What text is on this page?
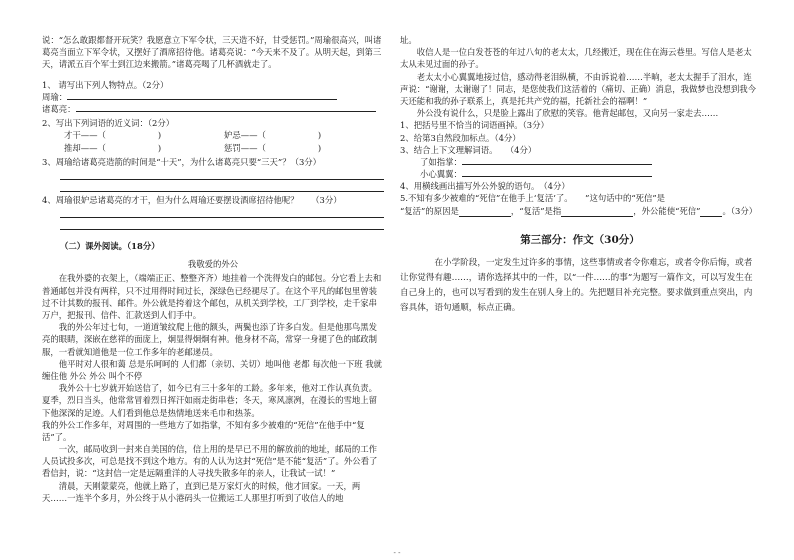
说：“怎么敢跟都督开玩笑？我愿意立下军令状，三天造不好，甘受惩罚。”周瑜很高兴，叫诸葛亮当面立下军令状，又摆好了酒席招待他。诸葛亮说：“今天来不及了。从明天起，到第三天，请派五百个军士到江边来搬箭。”诸葛亮喝了几杯酒就走了。

1、 请写出下列人物特点。（2分）

周瑜：
诸葛亮：

2、写出下列词语的近义词：（2分）

才干——（	)	妒忌——（	)
推却——（	)	惩罚——（	)

3、周瑜给诸葛亮造箭的时间是“十天”，为什么诸葛亮只要“三天”？（3分）

4、周瑜很妒忌诸葛亮的才干，但为什么周瑜还要摆设酒席招待他呢？　　（3分）

（二）课外阅读。（18分）

我敬爱的外公

在我外婆的衣架上，（端端正正、整整齐齐）地挂着一个洗得发白的邮包。分它看上去和普通邮包并没有两样，只不过用得时间过长，深绿色已经褪尽了。在这个平凡的邮包里曾装过不计其数的报刊、邮件。外公就是挎着这个邮包，从机关到学校，工厂到学校，走千家串万户，把报刊、信件、汇款送到人们手中。

我的外公年过七旬，一道道皱纹爬上他的额头，两鬓也添了许多白发。但是他那鸟黑发亮的眼睛，深嵌在慈祥的面庞上，炯显得炯炯有神。他身材不高，常穿一身褪了色的邮政制服，一看就知道他是一位工作多年的老邮递员。

他平时对人很和蔼 总是乐呵呵的 人们都（亲切、关切）地叫他 老都 每次他一下班 我就缠住他 外公 外公 叫个不停

我外公十七岁就开始送信了，如今已有三十多年的工龄。多年来，他对工作认真负责。夏季，烈日当头，他常常冒着烈日挥汗如雨走街串巷；冬天，寒风凛冽，在漫长的雪地上留下他深深的足迹。人们看到他总是热情地送来毛巾和热茶。

我的外公工作多年，对周围的一些地方了如指掌，不知有多少被难的“死信”在他手中“复活”了。

一次，邮局收到一封来自美国的信，信上用的是早已不用的解放前的地址，邮局的工作人员试投多次，可总是找不到这个地方。有的人认为这封“死信”是不能“复活”了。外公看了看信封，说：“这封信一定是远隔重洋的人寻找失散多年的亲人，让我试一试！”

清晨，天刚蒙蒙亮，他就上路了，直到已是万家灯火的时候，他才回家。一天，两天……一连半个多月，外公终于从小港码头一位搬运工人那里打听到了收信人的地

址。

收信人是一位白发苍苍的年过八旬的老太太，几经搬迁，现在住在海云巷里。写信人是老太太从未见过面的孙子。

老太太小心翼翼地接过信，感动得老泪纵横，不由诉说着……半晌，老太太握手了泪水，连声说：“谢谢，太谢谢了！同志，是您使我们这活着的（痛切、正确）消息，我做梦也没想到我今天还能和我的孙子联系上，真是托共产党的福，托新社会的福啊！”

外公没有说什么，只是脸上露出了欣慰的笑容。他背起邮包，又向另一家走去……

1、把括号里不恰当的词语画掉。（3分）

2、给第3自然段加标点。（4分）

3、结合上下文理解词语。　　（4分）

了如指掌：
小心翼翼：

4、用横线画出描写外公外貌的语句。　（4分）

5.不知有多少被难的“死信”在他手上‘复活’了。　　”这句话中的“死信”是

“复活”的原因是	，“复活”是指	，外公能使“死信”	。（3分）

第三部分：作文（30分）

在小学阶段，一定发生过许多的事情，这些事情或者令你难忘，或者令你后悔，或者让你觉得有趣……，请你选择其中的一件，以“一件……的事”为题写一篇作文，可以写发生在自己身上的，也可以写看到的发生在别人身上的。先把题目补充完整。要求做到重点突出，内容具体，语句通顺，标点正确。

- -
